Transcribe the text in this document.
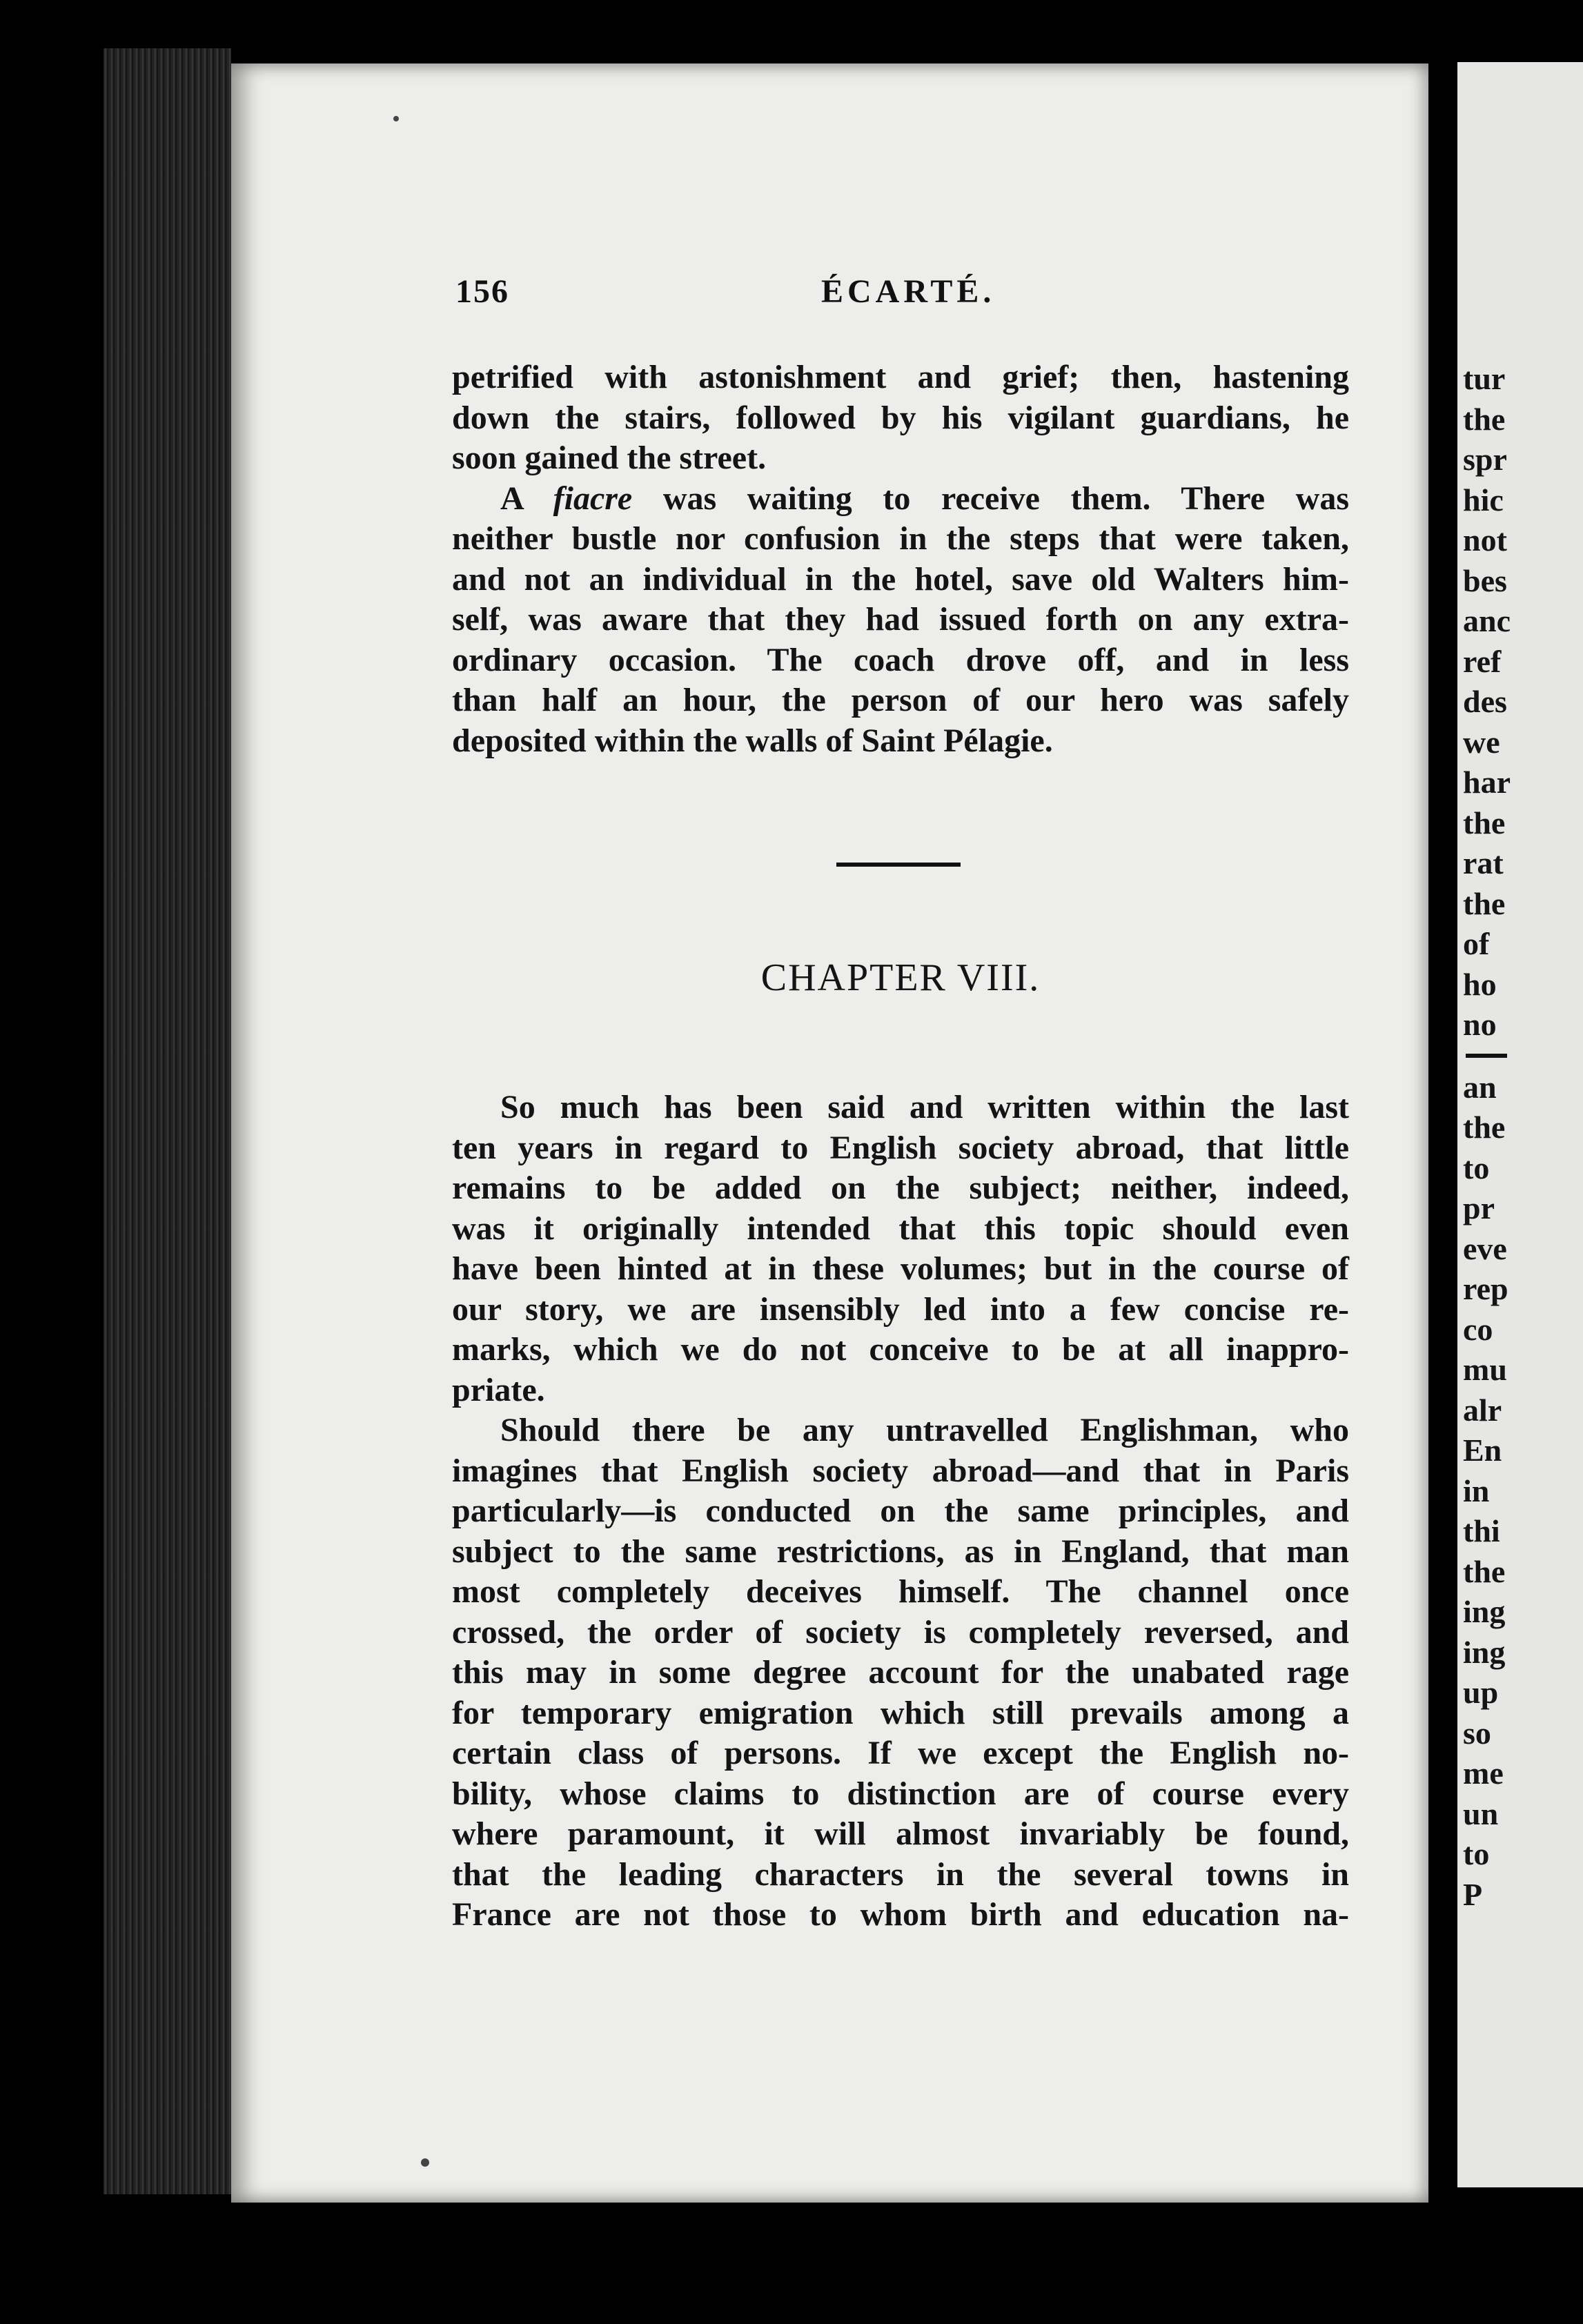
156	ÉCARTÉ.
petrified with astonishment and grief; then, hastening
down the stairs, followed by his vigilant guardians, he
soon gained the street.
A fiacre was waiting to receive them. There was
neither bustle nor confusion in the steps that were taken,
and not an individual in the hotel, save old Walters him-
self, was aware that they had issued forth on any extra-
ordinary occasion. The coach drove off, and in less
than half an hour, the person of our hero was safely
deposited within the walls of Saint Pélagie.
CHAPTER VIII.
So much has been said and written within the last
ten years in regard to English society abroad, that little
remains to be added on the subject; neither, indeed,
was it originally intended that this topic should even
have been hinted at in these volumes; but in the course of
our story, we are insensibly led into a few concise re-
marks, which we do not conceive to be at all inappro-
priate.
Should there be any untravelled Englishman, who
imagines that English society abroad—and that in Paris
particularly—is conducted on the same principles, and
subject to the same restrictions, as in England, that man
most completely deceives himself. The channel once
crossed, the order of society is completely reversed, and
this may in some degree account for the unabated rage
for temporary emigration which still prevails among a
certain class of persons. If we except the English no-
bility, whose claims to distinction are of course every
where paramount, it will almost invariably be found,
that the leading characters in the several towns in
France are not those to whom birth and education na-
tur
the
spr
hic
not
bes
anc
ref
des
we
har
the
rat
the
of
ho
no
an
the
to
pr
eve
rep
co
mu
alr
En
in
thi
the
ing
ing
up
so
me
un
to
P
